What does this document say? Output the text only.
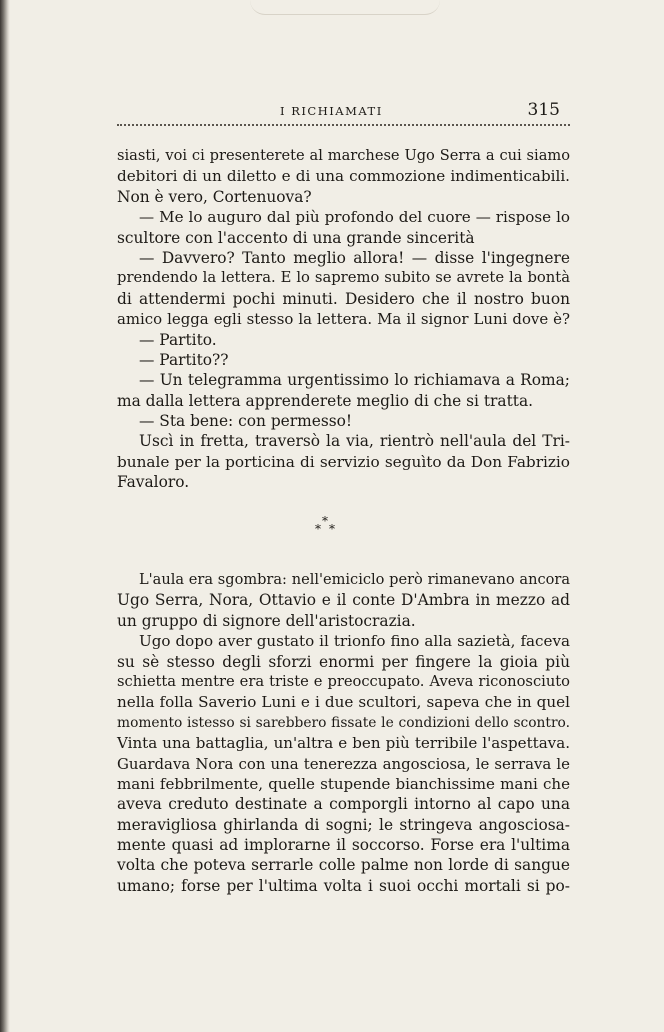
I RICHIAMATI	315
siasti, voi ci presenterete al marchese Ugo Serra a cui siamo
debitori di un diletto e di una commozione indimenticabili.
Non è vero, Cortenuova?
— Me lo auguro dal più profondo del cuore — rispose lo
scultore con l'accento di una grande sincerità
— Davvero? Tanto meglio allora! — disse l'ingegnere
prendendo la lettera. E lo sapremo subito se avrete la bontà
di attendermi pochi minuti. Desidero che il nostro buon
amico legga egli stesso la lettera. Ma il signor Luni dove è?
— Partito.
— Partito??
— Un telegramma urgentissimo lo richiamava a Roma;
ma dalla lettera apprenderete meglio di che si tratta.
— Sta bene: con permesso!
Uscì in fretta, traversò la via, rientrò nell'aula del Tri-
bunale per la porticina di servizio seguìto da Don Fabrizio
Favaloro.
*
* *
L'aula era sgombra: nell'emiciclo però rimanevano ancora
Ugo Serra, Nora, Ottavio e il conte D'Ambra in mezzo ad
un gruppo di signore dell'aristocrazia.
Ugo dopo aver gustato il trionfo fino alla sazietà, faceva
su sè stesso degli sforzi enormi per fingere la gioia più
schietta mentre era triste e preoccupato. Aveva riconosciuto
nella folla Saverio Luni e i due scultori, sapeva che in quel
momento istesso si sarebbero fissate le condizioni dello scontro.
Vinta una battaglia, un'altra e ben più terribile l'aspettava.
Guardava Nora con una tenerezza angosciosa, le serrava le
mani febbrilmente, quelle stupende bianchissime mani che
aveva creduto destinate a comporgli intorno al capo una
meravigliosa ghirlanda di sogni; le stringeva angosciosa-
mente quasi ad implorarne il soccorso. Forse era l'ultima
volta che poteva serrarle colle palme non lorde di sangue
umano; forse per l'ultima volta i suoi occhi mortali si po-
